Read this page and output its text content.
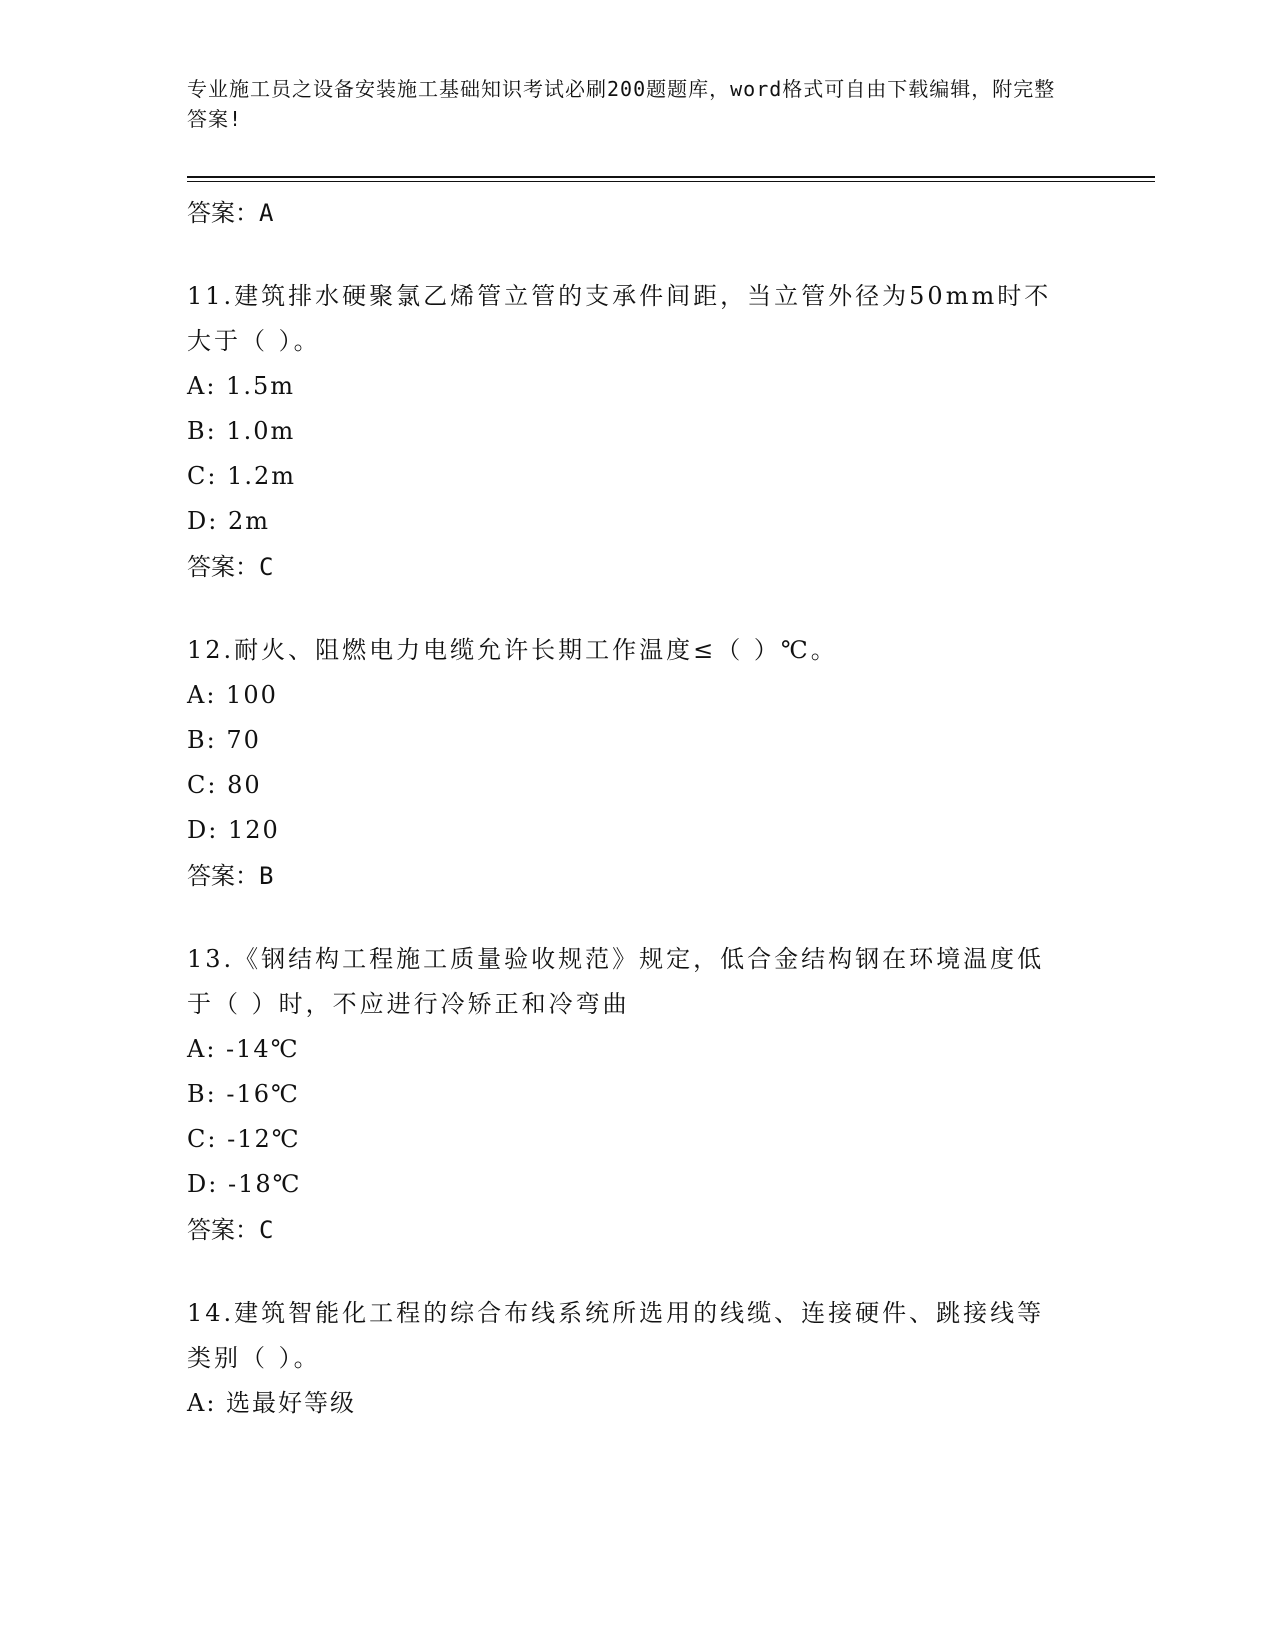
专业施工员之设备安装施工基础知识考试必刷200题题库，word格式可自由下载编辑，附完整答案!
答案：A
11.建筑排水硬聚氯乙烯管立管的支承件间距，当立管外径为50mm时不大于（ ）。
A: 1.5m
B: 1.0m
C: 1.2m
D: 2m
答案：C
12.耐火、阻燃电力电缆允许长期工作温度≤（ ）℃。
A: 100
B: 70
C: 80
D: 120
答案：B
13.《钢结构工程施工质量验收规范》规定，低合金结构钢在环境温度低于（ ）时，不应进行冷矫正和冷弯曲
A: -14℃
B: -16℃
C: -12℃
D: -18℃
答案：C
14.建筑智能化工程的综合布线系统所选用的线缆、连接硬件、跳接线等类别（ ）。
A: 选最好等级
